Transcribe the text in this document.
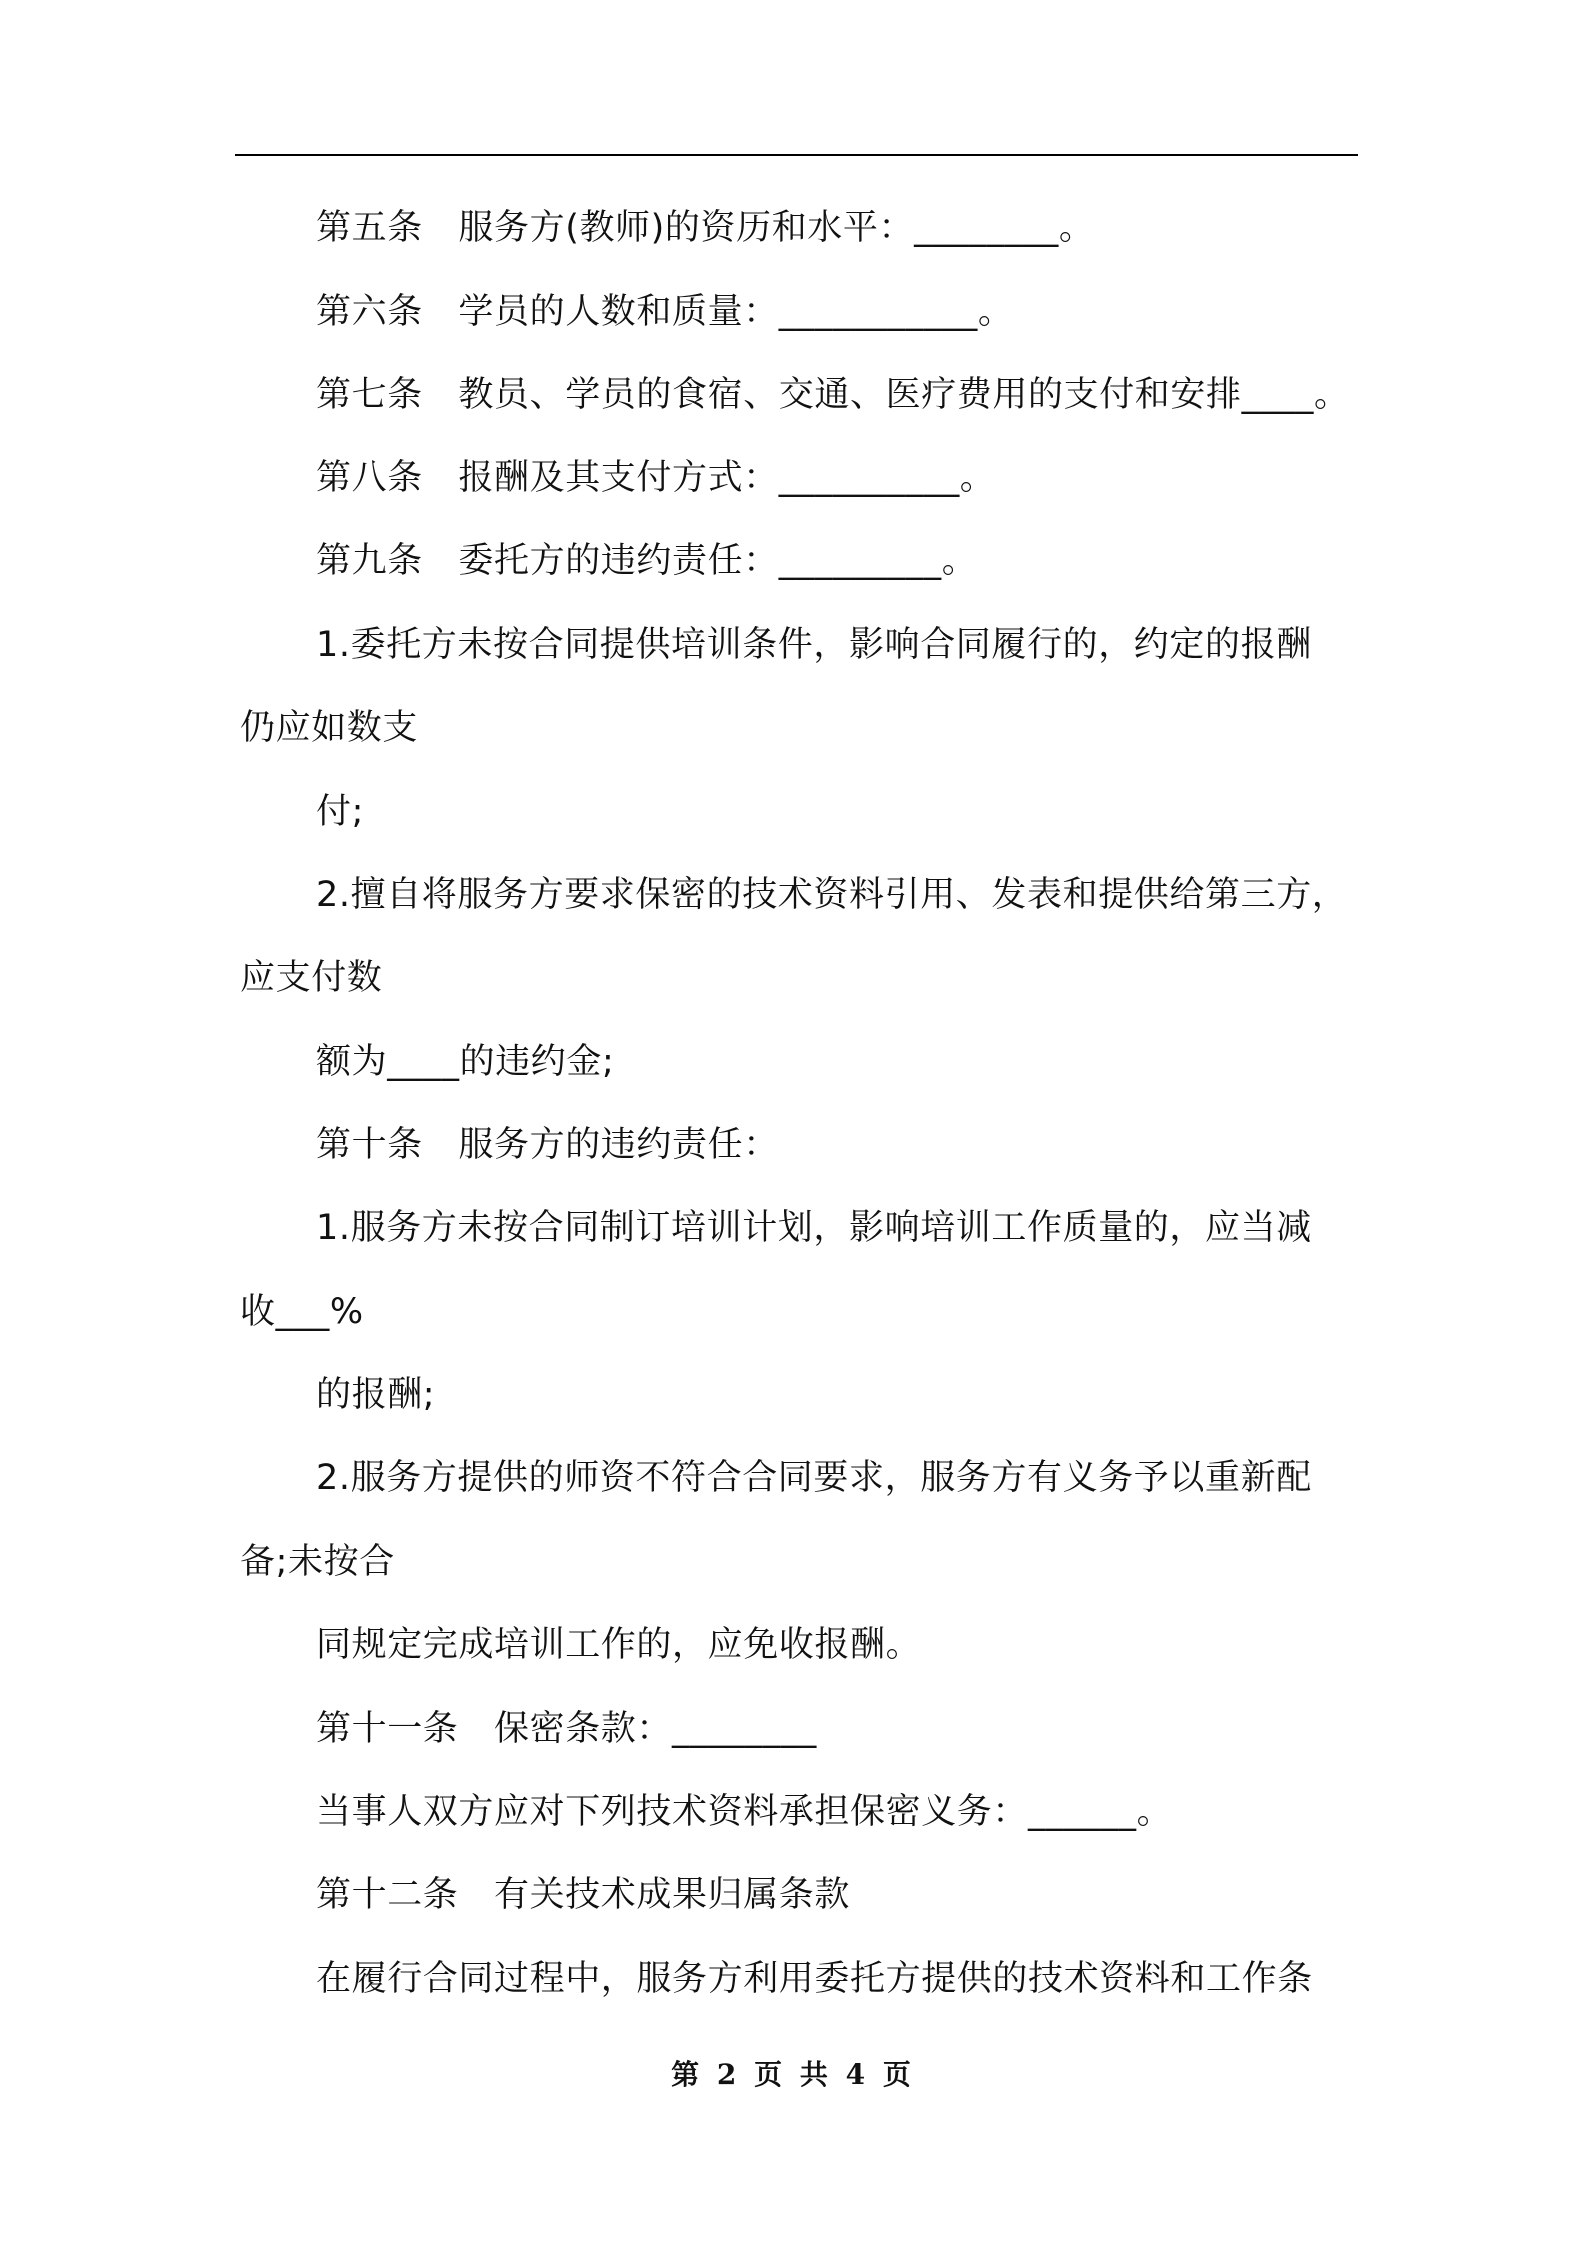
第五条　服务方(教师)的资历和水平：________。

第六条　学员的人数和质量：___________。

第七条　教员、学员的食宿、交通、医疗费用的支付和安排____。

第八条　报酬及其支付方式：__________。

第九条　委托方的违约责任：_________。

1.委托方未按合同提供培训条件，影响合同履行的，约定的报酬

仍应如数支

付;

2.擅自将服务方要求保密的技术资料引用、发表和提供给第三方，

应支付数

额为____的违约金;

第十条　服务方的违约责任：

1.服务方未按合同制订培训计划，影响培训工作质量的，应当减

收___%

的报酬;

2.服务方提供的师资不符合合同要求，服务方有义务予以重新配

备;未按合

同规定完成培训工作的，应免收报酬。

第十一条　保密条款：________

当事人双方应对下列技术资料承担保密义务：______。

第十二条　有关技术成果归属条款

在履行合同过程中，服务方利用委托方提供的技术资料和工作条

第 2 页 共 4 页
